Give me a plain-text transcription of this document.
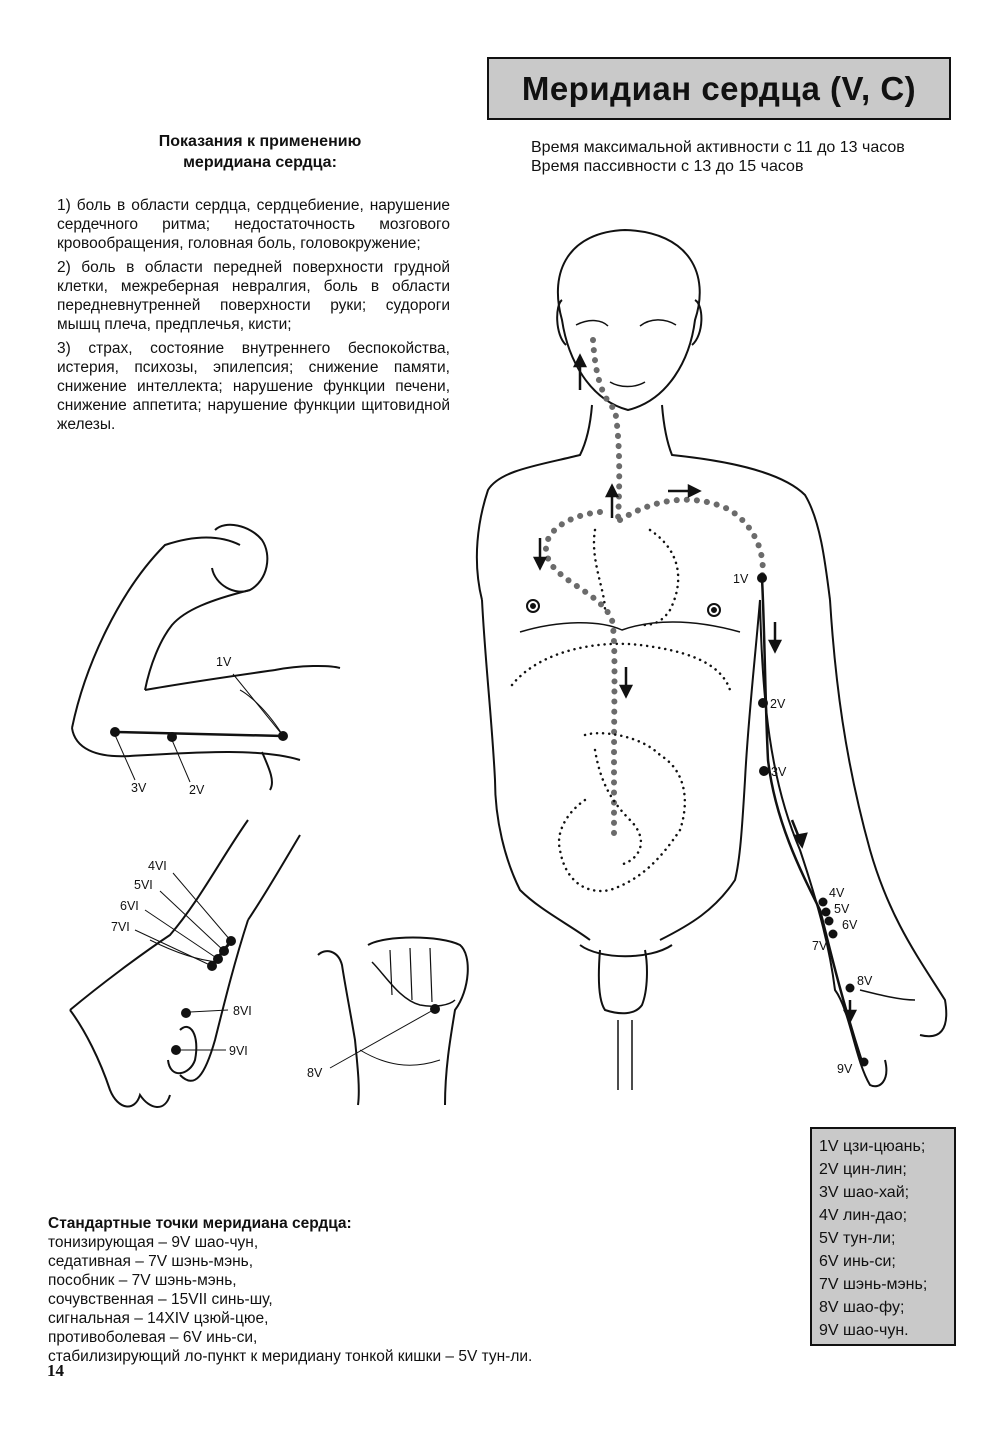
Меридиан сердца (V, С)
Время максимальной активности с 11 до 13 часов
Время пассивности с 13 до 15 часов
Показания к применению
меридиана сердца:

1) боль в области сердца, сердцебиение, нарушение сердечного ритма; недостаточность мозгового кровообращения, головная боль, головокружение;

2) боль в области передней поверхности грудной клетки, межреберная невралгия, боль в области передневнутренней поверхности руки; судороги мышц плеча, предплечья, кисти;

3) страх, состояние внутреннего беспокойства, истерия, психозы, эпилепсия; снижение памяти, снижение интеллекта; нарушение функции печени, снижение аппетита; нарушение функции щитовидной железы.

1V
3V	2V
4VI
5VI
6VI
7VI
8VI
9VI
8V
1V
2V
3V
4V
5V
6V
7V
8V
9V
Стандартные точки меридиана сердца:
тонизирующая – 9V шао-чун,
седативная – 7V шэнь-мэнь,
пособник – 7V шэнь-мэнь,
сочувственная – 15VII синь-шу,
сигнальная – 14XIV цзюй-цюе,
противоболевая – 6V инь-си,
стабилизирующий ло-пункт к меридиану тонкой кишки – 5V тун-ли.
1V цзи-цюань;
2V цин-лин;
3V шао-хай;
4V лин-дао;
5V тун-ли;
6V инь-си;
7V шэнь-мэнь;
8V шао-фу;
9V шао-чун.
14
